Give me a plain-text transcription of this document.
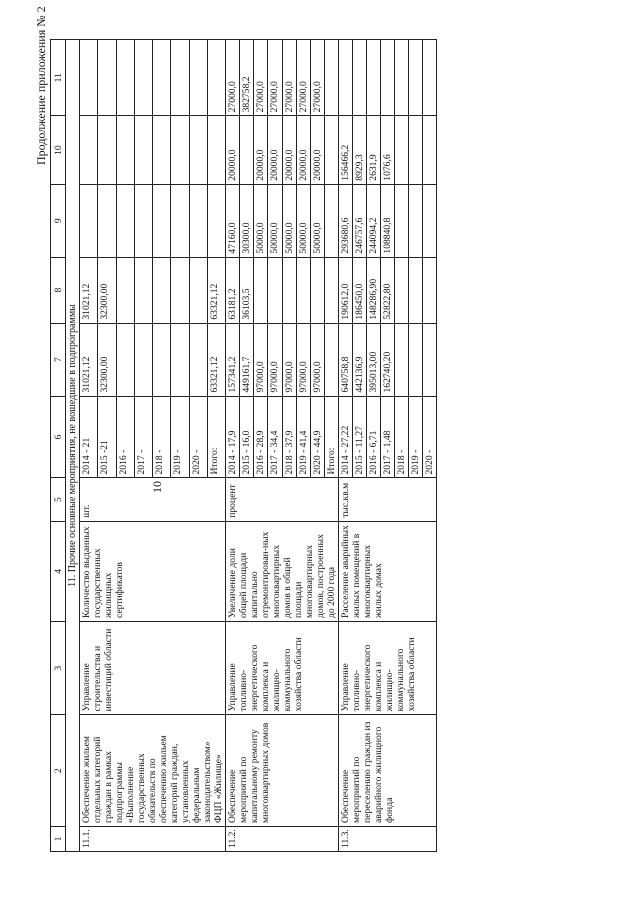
10
Продолжение приложения № 2
1	2	3	4	5	6	7	8	9	10	11
11. Прочие основные мероприятия, не вошедшие в подпрограммы										
11.1.	Обеспечение жильем отдельных категорий граждан в рамках подпрограммы «Выполнение государственных обязательств по обеспечению жильем категорий граждан, установленных федеральным законодательством» ФЦП «Жилище»	Управление строительства и инвестиций области	Количество выданных государственных жилищных сертификатов	шт.	2014 - 21	31021,12	31021,12			
					2015 -21	32300,00	32300,00			
					2016 -					
					2017 -					
					2018 -					
					2019 -					
					2020 -					
					Итого:	63321,12	63321,12			
11.2.	Обеспечение мероприятий по капитальному ремонту многоквартирных домов	Управление топливно-энергетического комплекса и жилищно-коммунального хозяйства области	Увеличение доли общей площади капитально отремонтирован-ных многоквартирных домов в общей площади многоквартирных домов, построенных до 2000 года	процент	2014 - 17,9	157341,2	63181,2	47160,0	20000,0	27000,0
					2015 - 16,0	449161,7	36103,5	30300,0		382758,2
					2016 - 28,9	97000,0		50000,0	20000,0	27000,0
					2017 - 34,4	97000,0		50000,0	20000,0	27000,0
					2018 - 37,9	97000,0		50000,0	20000,0	27000,0
					2019 - 41,4	97000,0		50000,0	20000,0	27000,0
					2020 - 44,9	97000,0		50000,0	20000,0	27000,0
					Итого:					
11.3.	Обеспечение мероприятий по переселению граждан из аварийного жилищного фонда	Управление топливно-энергетического комплекса и жилищно-коммунального хозяйства области	Расселение аварийных жилых помещений в многоквартирных жилых домах	тыс.кв.м	2014 - 27,22	640758,8	190612,0	293680,6	156466,2	
					2015 - 11,27	442136,9	186450,0	246757,6	8929,3	
					2016 - 6,71	395013,00	148286,90	244094,2	2631,9	
					2017 - 1,48	162740,20	52822,80	108840,8	1076,6	
					2018 -					
					2019 -					
					2020 -					
